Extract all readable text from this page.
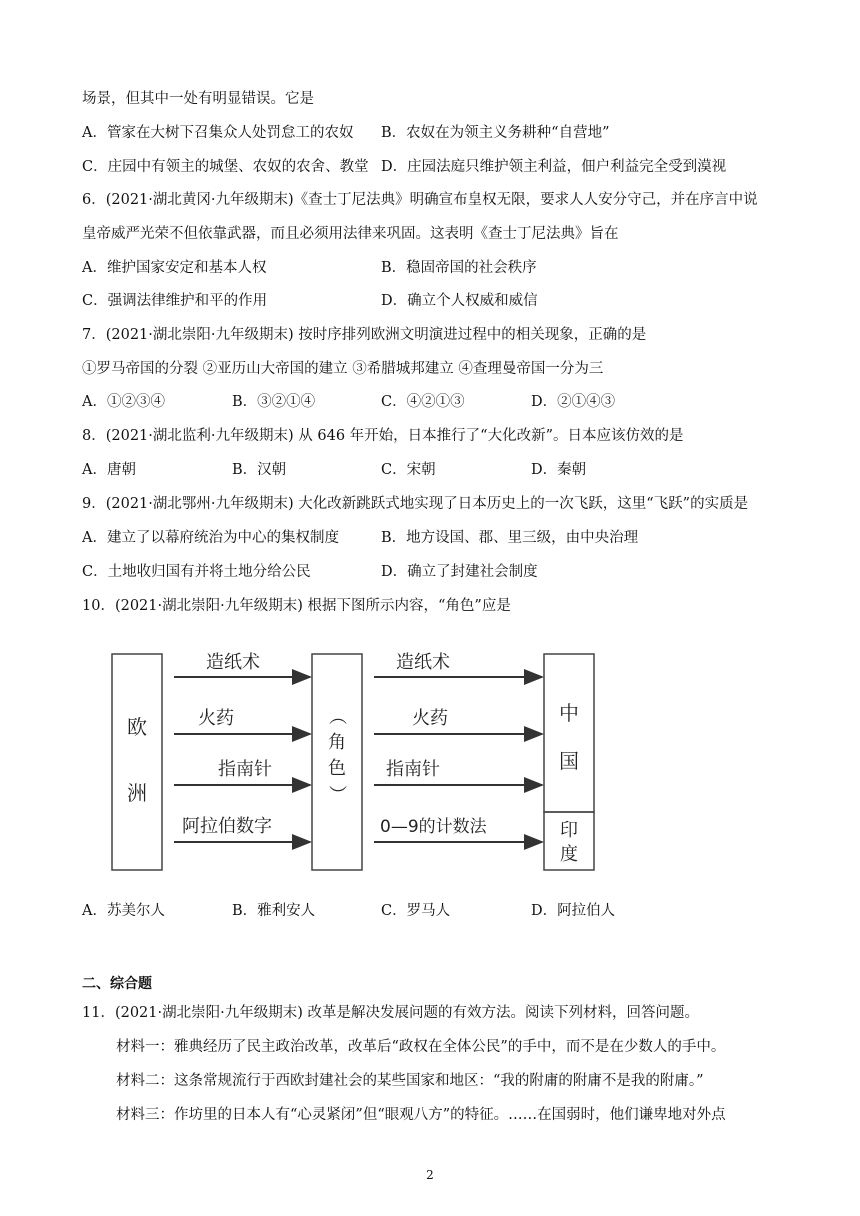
场景，但其中一处有明显错误。它是
A．管家在大树下召集众人处罚怠工的农奴 B．农奴在为领主义务耕种“自营地”
C．庄园中有领主的城堡、农奴的农舍、教堂 D．庄园法庭只维护领主利益，佃户利益完全受到漠视
6．(2021·湖北黄冈·九年级期末)《查士丁尼法典》明确宣布皇权无限，要求人人安分守己，并在序言中说
皇帝威严光荣不但依靠武器，而且必须用法律来巩固。这表明《查士丁尼法典》旨在
A．维护国家安定和基本人权	B．稳固帝国的社会秩序
C．强调法律维护和平的作用	D．确立个人权威和威信
7．(2021·湖北崇阳·九年级期末) 按时序排列欧洲文明演进过程中的相关现象，正确的是
①罗马帝国的分裂 ②亚历山大帝国的建立 ③希腊城邦建立 ④查理曼帝国一分为三
A．①②③④	B．③②①④	C．④②①③	D．②①④③
8．(2021·湖北监利·九年级期末) 从 646 年开始，日本推行了“大化改新”。日本应该仿效的是
A．唐朝	B．汉朝	C．宋朝	D．秦朝
9．(2021·湖北鄂州·九年级期末) 大化改新跳跃式地实现了日本历史上的一次飞跃，这里“飞跃”的实质是
A．建立了以幕府统治为中心的集权制度	B．地方设国、郡、里三级，由中央治理
C．土地收归国有并将土地分给公民	D．确立了封建社会制度
10．(2021·湖北崇阳·九年级期末) 根据下图所示内容，“角色”应是
欧
洲
（
角
色
）
中
国
印
度
造纸术
火药
指南针
阿拉伯数字
造纸术
火药
指南针
0—9的计数法
A．苏美尔人	B．雅利安人	C．罗马人	D．阿拉伯人
二、综合题
11．(2021·湖北崇阳·九年级期末) 改革是解决发展问题的有效方法。阅读下列材料，回答问题。
材料一：雅典经历了民主政治改革，改革后“政权在全体公民”的手中，而不是在少数人的手中。
材料二：这条常规流行于西欧封建社会的某些国家和地区：“我的附庸的附庸不是我的附庸。”
材料三：作坊里的日本人有“心灵紧闭”但“眼观八方”的特征。……在国弱时，他们谦卑地对外点
2
